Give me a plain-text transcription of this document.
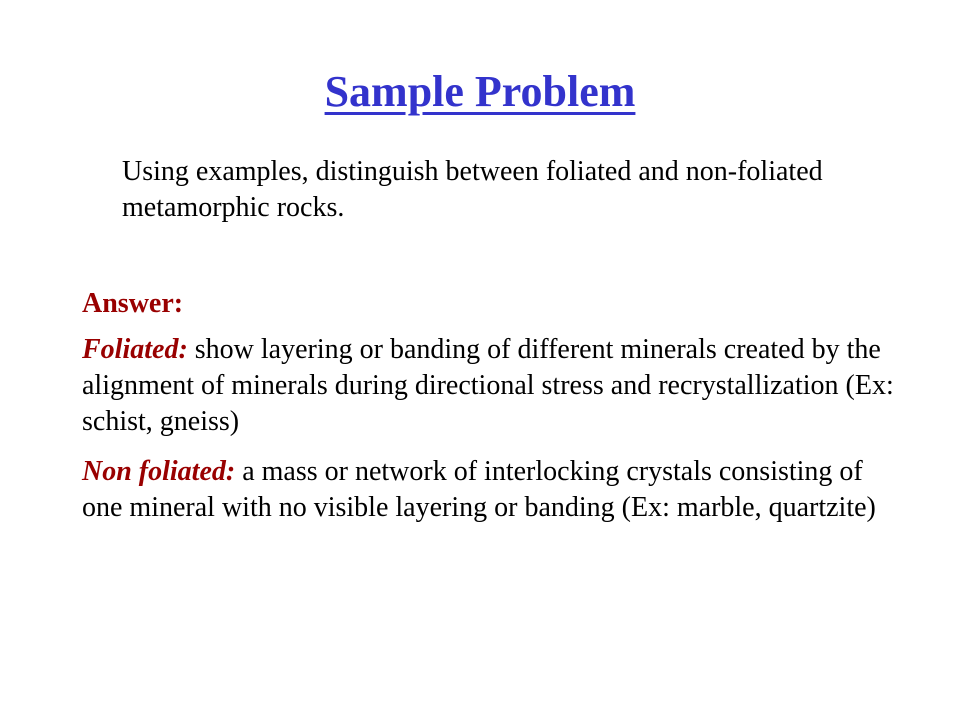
Sample Problem

Using examples, distinguish between foliated and non-foliated metamorphic rocks.

Answer:

Foliated: show layering or banding of different minerals created by the alignment of minerals during directional stress and recrystallization (Ex: schist, gneiss)

Non foliated: a mass or network of interlocking crystals consisting of one mineral with no visible layering or banding (Ex: marble, quartzite)
